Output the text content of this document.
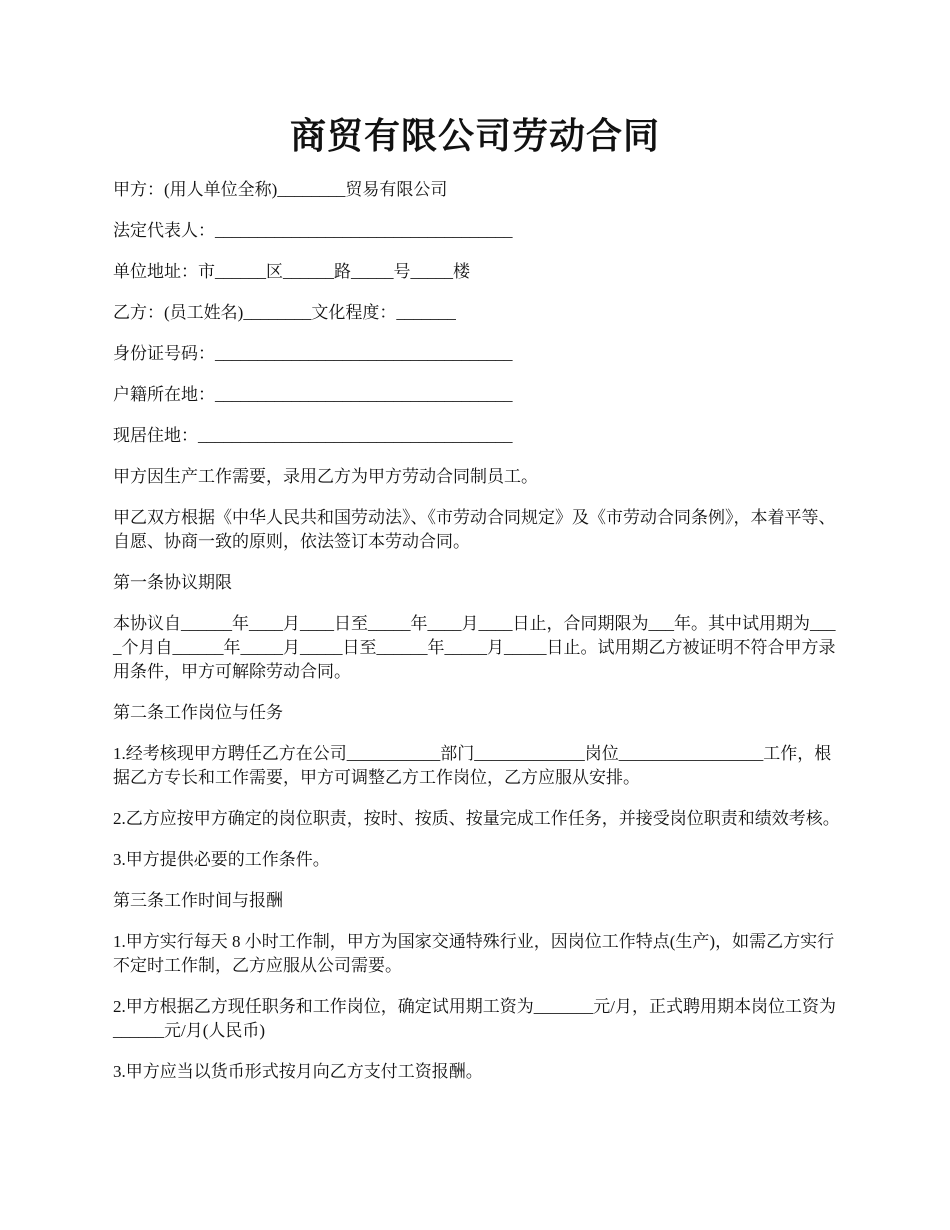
商贸有限公司劳动合同

甲方：(用人单位全称)________贸易有限公司

法定代表人：___________________________________

单位地址：市______区______路_____号_____楼

乙方：(员工姓名)________文化程度：_______

身份证号码：___________________________________

户籍所在地：___________________________________

现居住地：_____________________________________

甲方因生产工作需要，录用乙方为甲方劳动合同制员工。

甲乙双方根据《中华人民共和国劳动法》、《市劳动合同规定》及《市劳动合同条例》，本着平等、自愿、协商一致的原则，依法签订本劳动合同。

第一条协议期限

本协议自______年____月____日至_____年____月____日止，合同期限为___年。其中试用期为____个月自______年_____月_____日至______年_____月_____日止。试用期乙方被证明不符合甲方录用条件，甲方可解除劳动合同。

第二条工作岗位与任务

1.经考核现甲方聘任乙方在公司___________部门_____________岗位_________________工作，根据乙方专长和工作需要，甲方可调整乙方工作岗位，乙方应服从安排。

2.乙方应按甲方确定的岗位职责，按时、按质、按量完成工作任务，并接受岗位职责和绩效考核。

3.甲方提供必要的工作条件。

第三条工作时间与报酬

1.甲方实行每天 8 小时工作制，甲方为国家交通特殊行业，因岗位工作特点(生产)，如需乙方实行不定时工作制，乙方应服从公司需要。

2.甲方根据乙方现任职务和工作岗位，确定试用期工资为_______元/月，正式聘用期本岗位工资为______元/月(人民币)

3.甲方应当以货币形式按月向乙方支付工资报酬。
